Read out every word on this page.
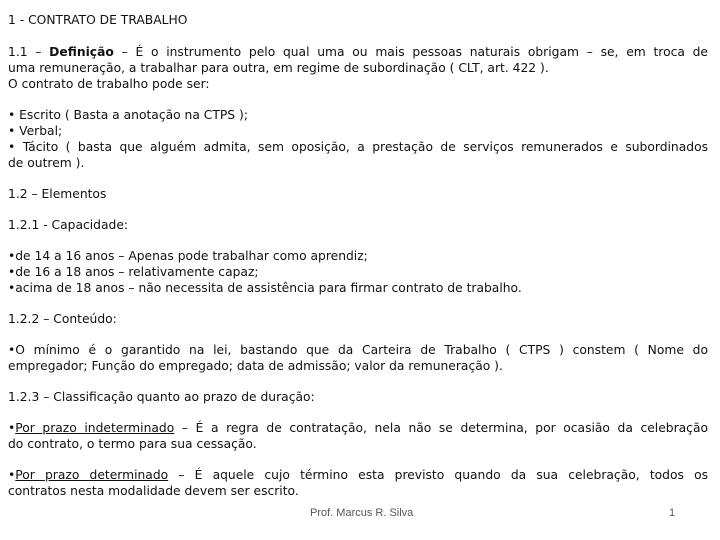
1 - CONTRATO DE TRABALHO
1.1 – Definição – É o instrumento pelo qual uma ou mais pessoas naturais obrigam – se, em troca de
uma remuneração, a trabalhar para outra, em regime de subordinação ( CLT, art. 422 ).
O contrato de trabalho pode ser:
• Escrito ( Basta a anotação na CTPS );
• Verbal;
• Tácito ( basta que alguém admita, sem oposição, a prestação de serviços remunerados e subordinados
de outrem ).
1.2 – Elementos
1.2.1 - Capacidade:
•de 14 a 16 anos – Apenas pode trabalhar como aprendiz;
•de 16 a 18 anos – relativamente capaz;
•acima de 18 anos – não necessita de assistência para firmar contrato de trabalho.
1.2.2 – Conteúdo:
•O mínimo é o garantido na lei, bastando que da Carteira de Trabalho ( CTPS ) constem ( Nome do
empregador; Função do empregado; data de admissão; valor da remuneração ).
1.2.3 – Classificação quanto ao prazo de duração:
•Por prazo indeterminado – É a regra de contratação, nela não se determina, por ocasião da celebração
do contrato, o termo para sua cessação.
•Por prazo determinado – É aquele cujo término esta previsto quando da sua celebração, todos os
contratos nesta modalidade devem ser escrito.
Prof. Marcus R. Silva	1
